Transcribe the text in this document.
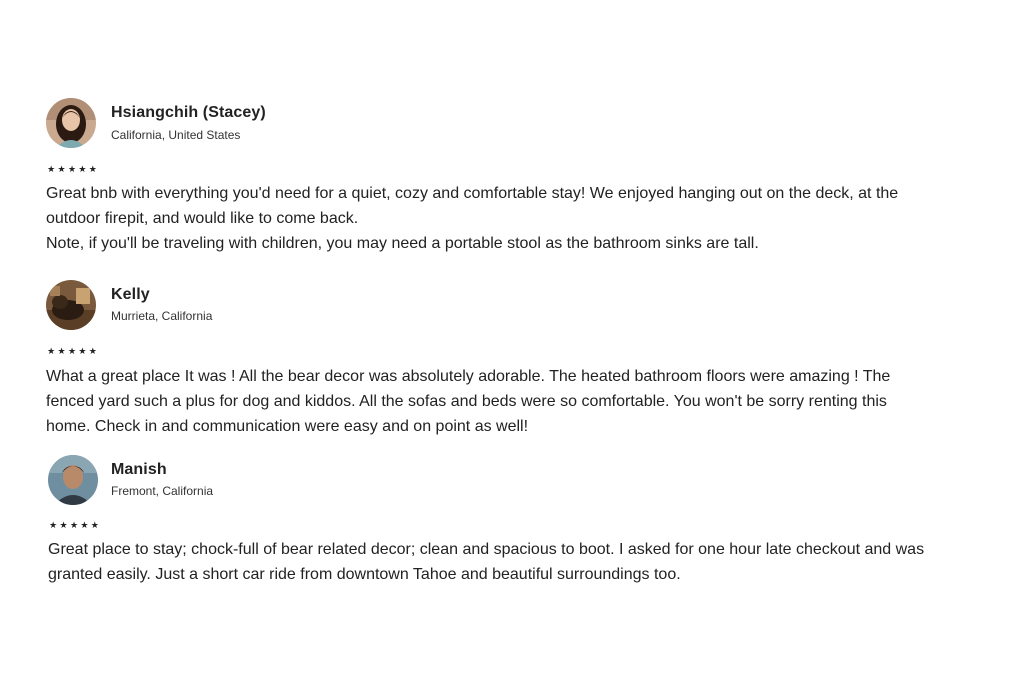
Hsiangchih (Stacey)
California, United States
★ ★ ★ ★ ★

Great bnb with everything you'd need for a quiet, cozy and comfortable stay! We enjoyed hanging out on the deck, at the
outdoor firepit, and would like to come back.
Note, if you'll be traveling with children, you may need a portable stool as the bathroom sinks are tall.

Kelly
Murrieta, California
★ ★ ★ ★ ★

What a great place It was ! All the bear decor was absolutely adorable. The heated bathroom floors were amazing ! The
fenced yard such a plus for dog and kiddos. All the sofas and beds were so comfortable. You won't be sorry renting this
home. Check in and communication were easy and on point as well!

Manish
Fremont, California
★ ★ ★ ★ ★

Great place to stay; chock-full of bear related decor; clean and spacious to boot. I asked for one hour late checkout and was
granted easily. Just a short car ride from downtown Tahoe and beautiful surroundings too.
